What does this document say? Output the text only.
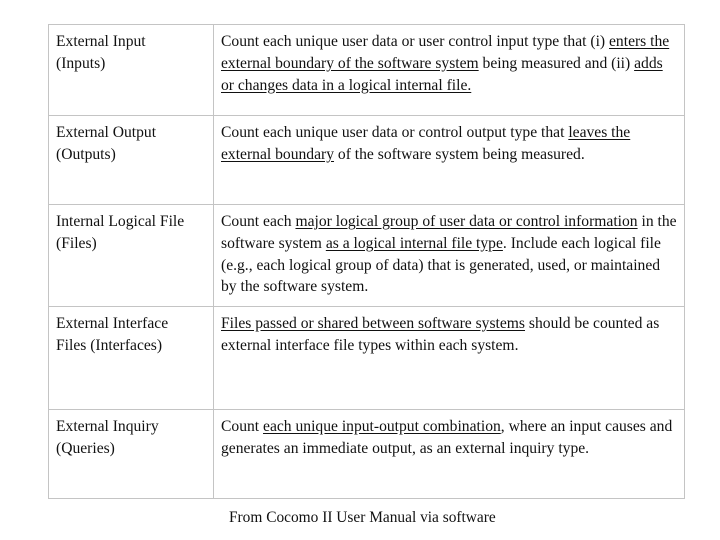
External Input
(Inputs)	Count each unique user data or user control input type that (i) enters the external boundary of the software system being measured and (ii) adds or changes data in a logical internal file.
External Output
(Outputs)	Count each unique user data or control output type that leaves the external boundary of the software system being measured.
Internal Logical File
(Files)	Count each major logical group of user data or control information in the software system as a logical internal file type. Include each logical file (e.g., each logical group of data) that is generated, used, or maintained by the software system.
External Interface
Files (Interfaces)	Files passed or shared between software systems should be counted as external interface file types within each system.
External Inquiry
(Queries)	Count each unique input-output combination, where an input causes and generates an immediate output, as an external inquiry type.
From Cocomo II User Manual via software
